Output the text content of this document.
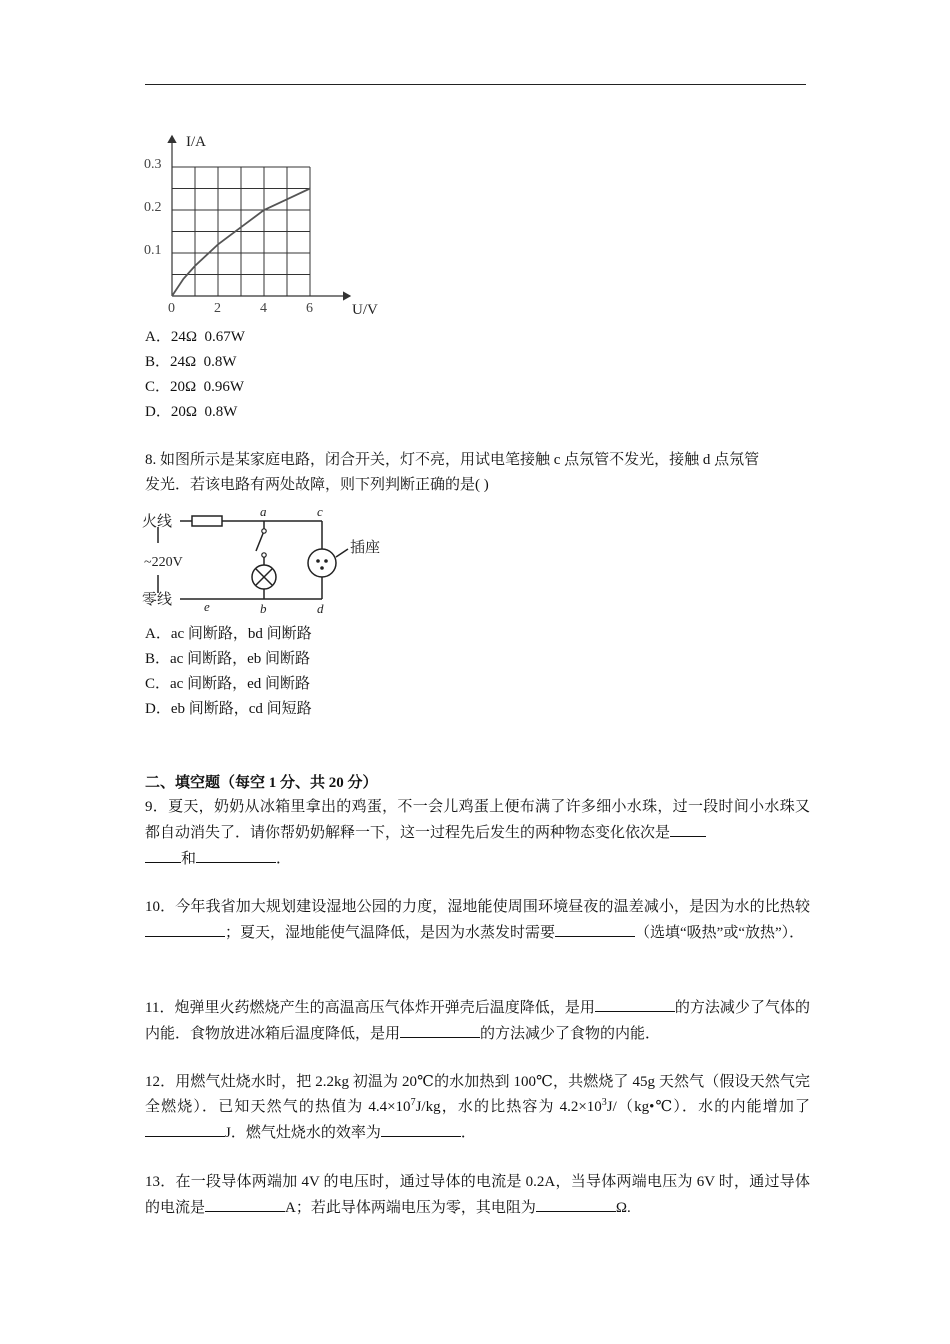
I/A
U/V
0.3
0.2
0.1
0	2	4	6
A．24Ω  0.67W
B．24Ω  0.8W
C．20Ω  0.96W
D．20Ω  0.8W
8. 如图所示是某家庭电路，闭合开关，灯不亮，用试电笔接触 c 点氖管不发光，接触 d 点氖管
发光．若该电路有两处故障，则下列判断正确的是( )
火线
零线
~220V
插座
a
b
c
d
e
A．ac 间断路，bd 间断路
B．ac 间断路，eb 间断路
C．ac 间断路，ed 间断路
D．eb 间断路，cd 间短路
二、填空题（每空 1 分、共 20 分）
9．夏天，奶奶从冰箱里拿出的鸡蛋，不一会儿鸡蛋上便布满了许多细小水珠，过一段时间小水珠又都自动消失了．请你帮奶奶解释一下，这一过程先后发生的两种物态变化依次是
和	．
10．今年我省加大规划建设湿地公园的力度，湿地能使周围环境昼夜的温差减小，是因为水的比热较；夏天，湿地能使气温降低，是因为水蒸发时需要	（选填“吸热”或“放热”）．
11．炮弹里火药燃烧产生的高温高压气体炸开弹壳后温度降低，是用	的方法减少了气体的内能．食物放进冰箱后温度降低，是用	的方法减少了食物的内能．
12．用燃气灶烧水时，把 2.2kg 初温为 20℃的水加热到 100℃，共燃烧了 45g 天然气（假设天然气完全燃烧）．已知天然气的热值为 $4.4\times 10^7J/kg$，水的比热容为 $4.2\times 10^3J/(kg•℃)$．水的内能增加了J．燃气灶烧水的效率为	．
13．在一段导体两端加 4V 的电压时，通过导体的电流是 0.2A，当导体两端电压为 6V 时，通过导体的电流是	A；若此导体两端电压为零，其电阻为	Ω.
